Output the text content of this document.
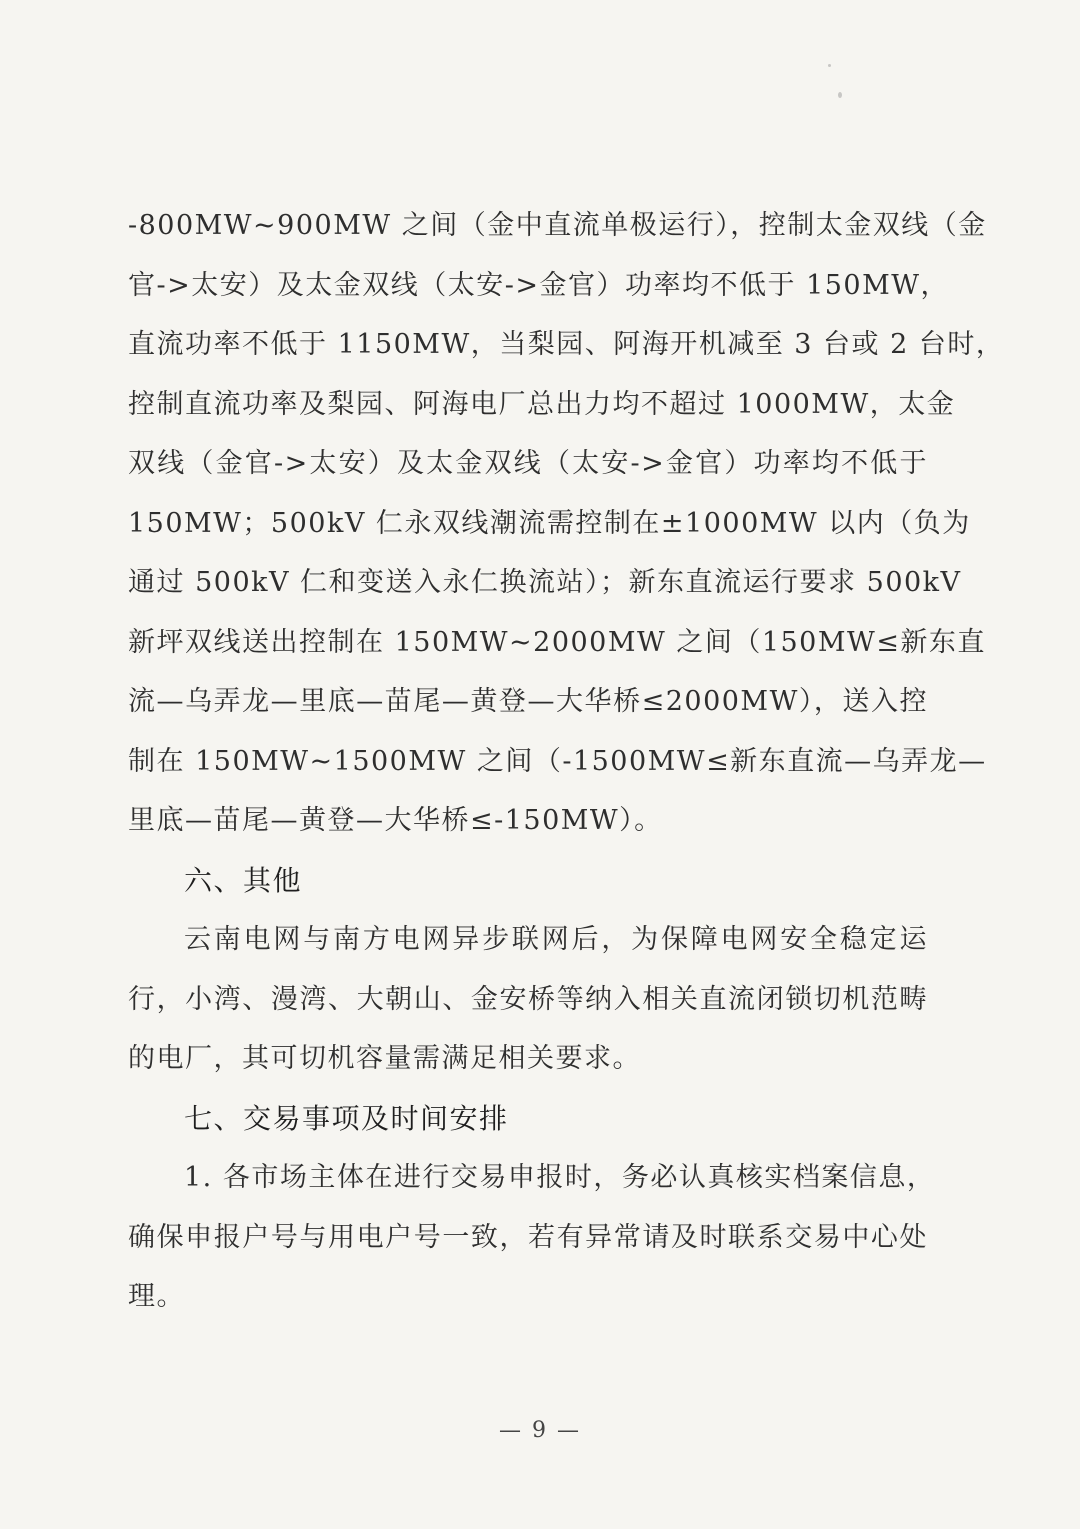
-800MW~900MW 之间（金中直流单极运行），控制太金双线（金
官->太安）及太金双线（太安->金官）功率均不低于 150MW，
直流功率不低于 1150MW，当梨园、阿海开机减至 3 台或 2 台时，
控制直流功率及梨园、阿海电厂总出力均不超过 1000MW，太金
双线（金官->太安）及太金双线（太安->金官）功率均不低于
150MW；500kV 仁永双线潮流需控制在±1000MW 以内（负为
通过 500kV 仁和变送入永仁换流站）；新东直流运行要求 500kV
新坪双线送出控制在 150MW~2000MW 之间（150MW≤新东直
流—乌弄龙—里底—苗尾—黄登—大华桥≤2000MW），送入控
制在 150MW~1500MW 之间（-1500MW≤新东直流—乌弄龙—
里底—苗尾—黄登—大华桥≤-150MW）。
六、其他
云南电网与南方电网异步联网后，为保障电网安全稳定运
行，小湾、漫湾、大朝山、金安桥等纳入相关直流闭锁切机范畴
的电厂，其可切机容量需满足相关要求。
七、交易事项及时间安排
1. 各市场主体在进行交易申报时，务必认真核实档案信息，
确保申报户号与用电户号一致，若有异常请及时联系交易中心处
理。
— 9 —
